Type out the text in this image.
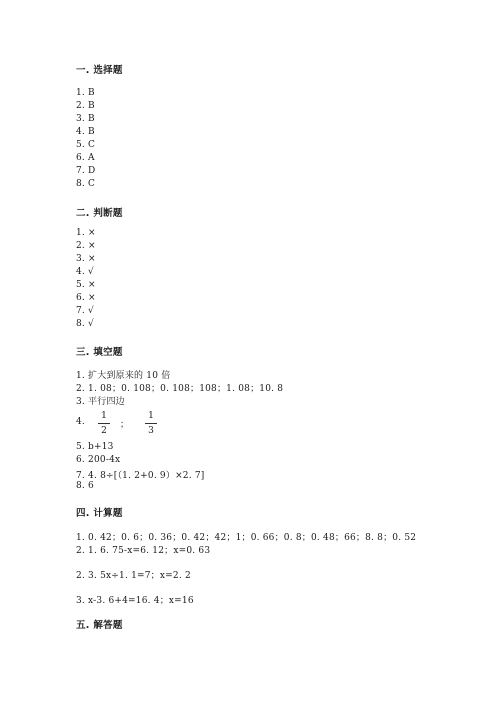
一. 选择题
1. B
2. B
3. B
4. B
5. C
6. A
7. D
8. C
二. 判断题
1. ×
2. ×
3. ×
4. √
5. ×
6. ×
7. √
8. √
三. 填空题
1. 扩大到原来的 10 倍
2. 1. 08；0. 108；0. 108；108；1. 08；10. 8
3. 平行四边
4.
1
2
；
1
3
5. b+13
6. 200-4x
7. 4. 8÷[（1. 2+0. 9）×2. 7]
8. 6
四. 计算题
1. 0. 42；0. 6；0. 36；0. 42；42；1；0. 66；0. 8；0. 48；66；8. 8；0. 52
2. 1. 6. 75-x=6. 12；x=0. 63
2. 3. 5x÷1. 1=7；x=2. 2
3. x-3. 6+4=16. 4；x=16
五. 解答题
